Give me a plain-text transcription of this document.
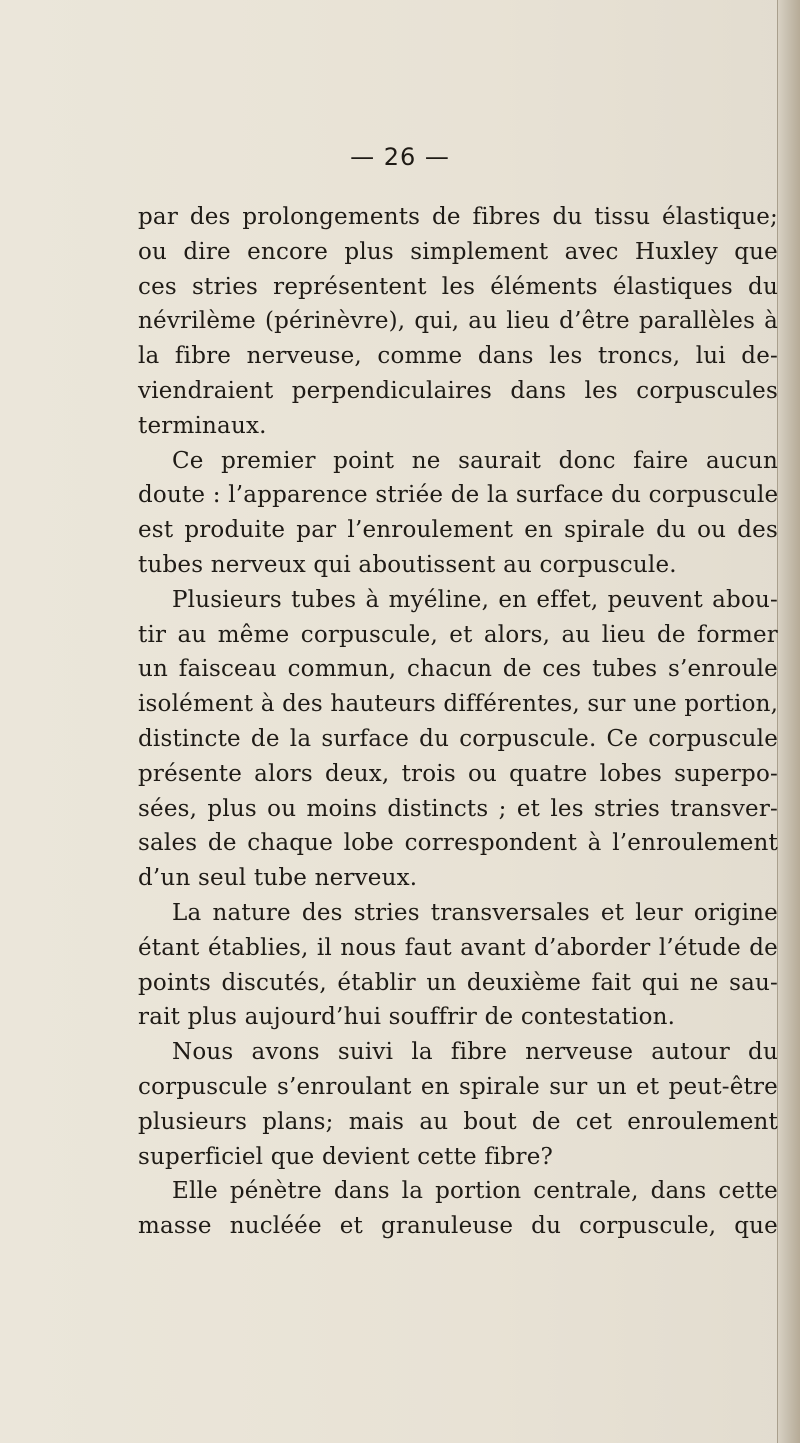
— 26 —
par des prolongements de fibres du tissu élastique;
ou dire encore plus simplement avec Huxley que
ces stries représentent les éléments élastiques du
névrilème (périnèvre), qui, au lieu d’être parallèles à
la fibre nerveuse, comme dans les troncs, lui de-
viendraient perpendiculaires dans les corpuscules
terminaux.
Ce premier point ne saurait donc faire aucun
doute : l’apparence striée de la surface du corpuscule
est produite par l’enroulement en spirale du ou des
tubes nerveux qui aboutissent au corpuscule.
Plusieurs tubes à myéline, en effet, peuvent abou-
tir au même corpuscule, et alors, au lieu de former
un faisceau commun, chacun de ces tubes s’enroule
isolément à des hauteurs différentes, sur une portion,
distincte de la surface du corpuscule. Ce corpuscule
présente alors deux, trois ou quatre lobes superpo-
sées, plus ou moins distincts ; et les stries transver-
sales de chaque lobe correspondent à l’enroulement
d’un seul tube nerveux.
La nature des stries transversales et leur origine
étant établies, il nous faut avant d’aborder l’étude de
points discutés, établir un deuxième fait qui ne sau-
rait plus aujourd’hui souffrir de contestation.
Nous avons suivi la fibre nerveuse autour du
corpuscule s’enroulant en spirale sur un et peut-être
plusieurs plans; mais au bout de cet enroulement
superficiel que devient cette fibre?
Elle pénètre dans la portion centrale, dans cette
masse nucléée et granuleuse du corpuscule, que
